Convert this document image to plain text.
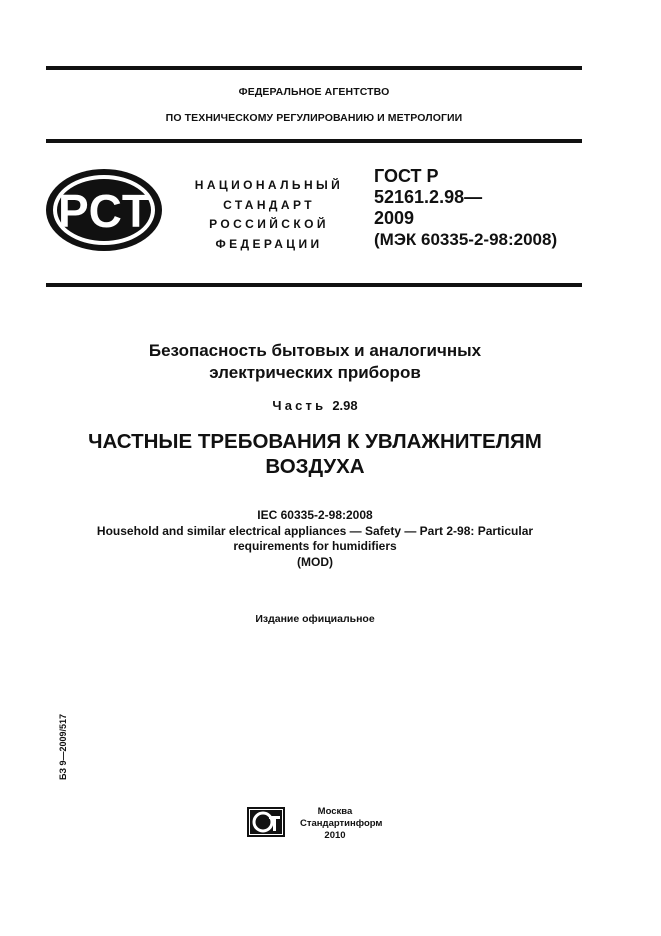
ФЕДЕРАЛЬНОЕ АГЕНТСТВО
ПО ТЕХНИЧЕСКОМУ РЕГУЛИРОВАНИЮ И МЕТРОЛОГИИ
PCT	НАЦИОНАЛЬНЫЙ
СТАНДАРТ
РОССИЙСКОЙ
ФЕДЕРАЦИИ
ГОСТ Р
52161.2.98—
2009
(МЭК 60335-2-98:2008)
Безопасность бытовых и аналогичных
электрических приборов
Часть 2.98
ЧАСТНЫЕ ТРЕБОВАНИЯ К УВЛАЖНИТЕЛЯМ
ВОЗДУХА
IEC 60335-2-98:2008
Household and similar electrical appliances — Safety — Part 2-98: Particular
requirements for humidifiers
(MOD)
Издание официальное
БЗ 9—2009/517
Москва
Стандартинформ
2010
